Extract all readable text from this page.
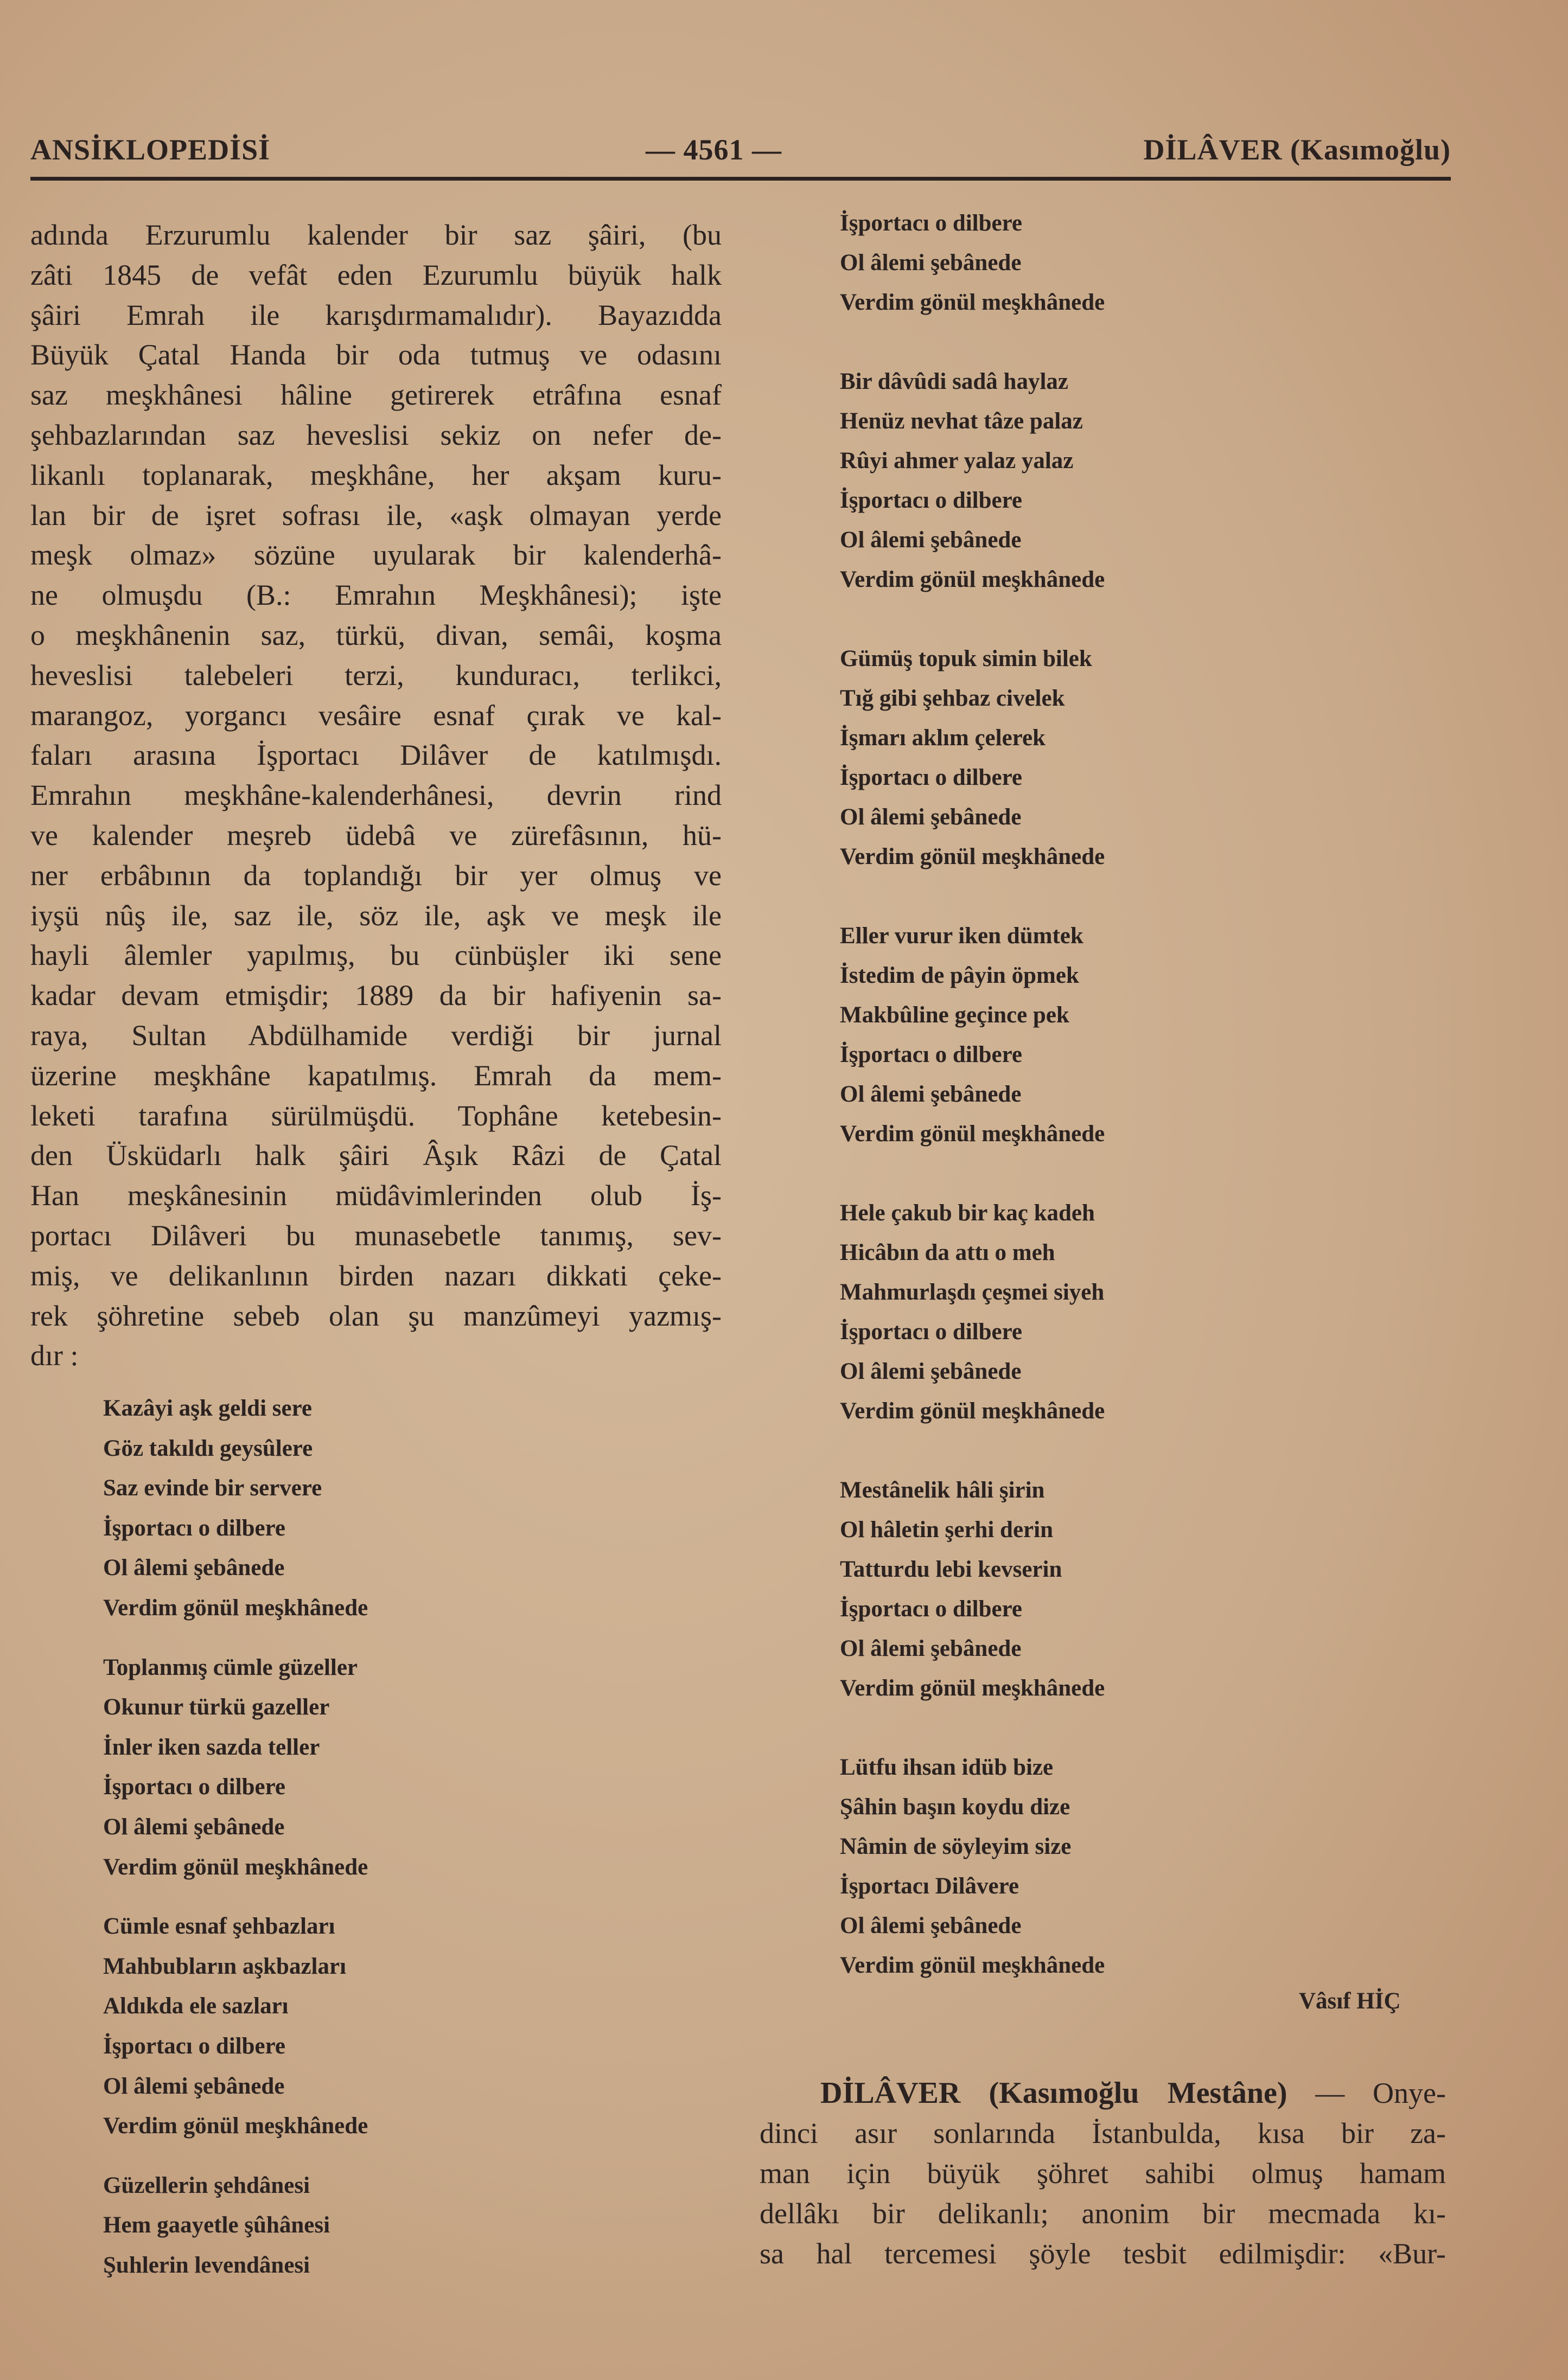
ANSİKLOPEDİSİ	— 4561 —	DİLÂVER (Kasımoğlu)
adında Erzurumlu kalender bir saz şâiri, (bu
zâti 1845 de vefât eden Ezurumlu büyük halk
şâiri Emrah ile karışdırmamalıdır). Bayazıdda
Büyük Çatal Handa bir oda tutmuş ve odasını
saz meşkhânesi hâline getirerek etrâfına esnaf
şehbazlarından saz heveslisi sekiz on nefer de-
likanlı toplanarak, meşkhâne, her akşam kuru-
lan bir de işret sofrası ile, «aşk olmayan yerde
meşk olmaz» sözüne uyularak bir kalenderhâ-
ne olmuşdu (B.: Emrahın Meşkhânesi); işte
o meşkhânenin saz, türkü, divan, semâi, koşma
heveslisi talebeleri terzi, kunduracı, terlikci,
marangoz, yorgancı vesâire esnaf çırak ve kal-
faları arasına İşportacı Dilâver de katılmışdı.
Emrahın meşkhâne-kalenderhânesi, devrin rind
ve kalender meşreb üdebâ ve zürefâsının, hü-
ner erbâbının da toplandığı bir yer olmuş ve
iyşü nûş ile, saz ile, söz ile, aşk ve meşk ile
hayli âlemler yapılmış, bu cünbüşler iki sene
kadar devam etmişdir; 1889 da bir hafiyenin sa-
raya, Sultan Abdülhamide verdiği bir jurnal
üzerine meşkhâne kapatılmış. Emrah da mem-
leketi tarafına sürülmüşdü. Tophâne ketebesin-
den Üsküdarlı halk şâiri Âşık Râzi de Çatal
Han meşkânesinin müdâvimlerinden olub İş-
portacı Dilâveri bu munasebetle tanımış, sev-
miş, ve delikanlının birden nazarı dikkati çeke-
rek şöhretine sebeb olan şu manzûmeyi yazmış-
dır :
Kazâyi aşk geldi sere
Göz takıldı geysûlere
Saz evinde bir servere
İşportacı o dilbere
Ol âlemi şebânede
Verdim gönül meşkhânede
Toplanmış cümle güzeller
Okunur türkü gazeller
İnler iken sazda teller
İşportacı o dilbere
Ol âlemi şebânede
Verdim gönül meşkhânede
Cümle esnaf şehbazları
Mahbubların aşkbazları
Aldıkda ele sazları
İşportacı o dilbere
Ol âlemi şebânede
Verdim gönül meşkhânede
Güzellerin şehdânesi
Hem gaayetle şûhânesi
Şuhlerin levendânesi
İşportacı o dilbere
Ol âlemi şebânede
Verdim gönül meşkhânede
Bir dâvûdi sadâ haylaz
Henüz nevhat tâze palaz
Rûyi ahmer yalaz yalaz
İşportacı o dilbere
Ol âlemi şebânede
Verdim gönül meşkhânede
Gümüş topuk simin bilek
Tığ gibi şehbaz civelek
İşmarı aklım çelerek
İşportacı o dilbere
Ol âlemi şebânede
Verdim gönül meşkhânede
Eller vurur iken dümtek
İstedim de pâyin öpmek
Makbûline geçince pek
İşportacı o dilbere
Ol âlemi şebânede
Verdim gönül meşkhânede
Hele çakub bir kaç kadeh
Hicâbın da attı o meh
Mahmurlaşdı çeşmei siyeh
İşportacı o dilbere
Ol âlemi şebânede
Verdim gönül meşkhânede
Mestânelik hâli şirin
Ol hâletin şerhi derin
Tatturdu lebi kevserin
İşportacı o dilbere
Ol âlemi şebânede
Verdim gönül meşkhânede
Lütfu ihsan idüb bize
Şâhin başın koydu dize
Nâmin de söyleyim size
İşportacı Dilâvere
Ol âlemi şebânede
Verdim gönül meşkhânede
Vâsıf HİÇ
DİLÂVER (Kasımoğlu Mestâne) — Onye-
dinci asır sonlarında İstanbulda, kısa bir za-
man için büyük şöhret sahibi olmuş hamam
dellâkı bir delikanlı; anonim bir mecmada kı-
sa hal tercemesi şöyle tesbit edilmişdir: «Bur-
